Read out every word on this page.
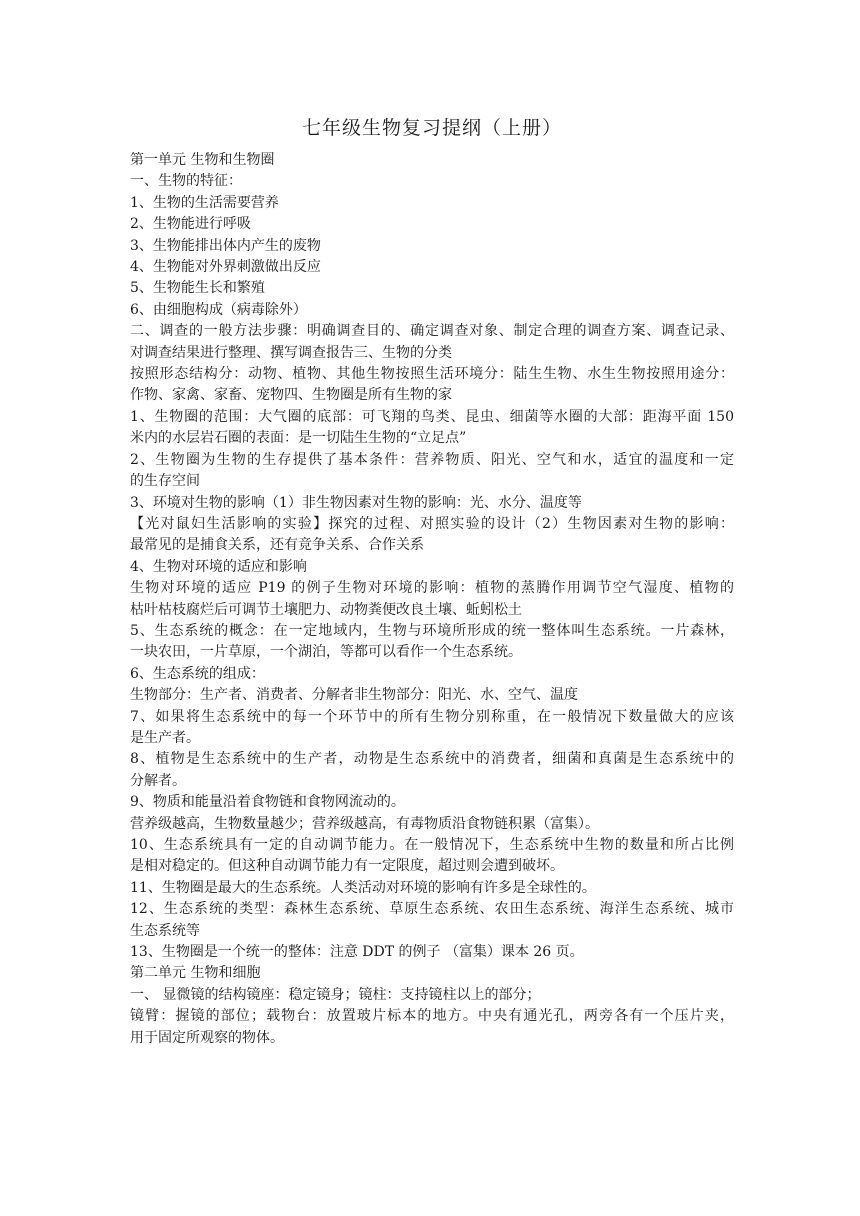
七年级生物复习提纲（上册）
第一单元 生物和生物圈
一、生物的特征：
1、生物的生活需要营养
2、生物能进行呼吸
3、生物能排出体内产生的废物
4、生物能对外界刺激做出反应
5、生物能生长和繁殖
6、由细胞构成（病毒除外）
二、调查的一般方法步骤：明确调查目的、确定调查对象、制定合理的调查方案、调查记录、
对调查结果进行整理、撰写调查报告三、生物的分类
按照形态结构分：动物、植物、其他生物按照生活环境分：陆生生物、水生生物按照用途分：
作物、家禽、家畜、宠物四、生物圈是所有生物的家
1、生物圈的范围：大气圈的底部：可飞翔的鸟类、昆虫、细菌等水圈的大部：距海平面 150
米内的水层岩石圈的表面：是一切陆生生物的“立足点”
2、生物圈为生物的生存提供了基本条件：营养物质、阳光、空气和水，适宜的温度和一定
的生存空间
3、环境对生物的影响（1）非生物因素对生物的影响：光、水分、温度等
【光对鼠妇生活影响的实验】探究的过程、对照实验的设计（2）生物因素对生物的影响：
最常见的是捕食关系，还有竞争关系、合作关系
4、生物对环境的适应和影响
生物对环境的适应 P19 的例子生物对环境的影响：植物的蒸腾作用调节空气湿度、植物的
枯叶枯枝腐烂后可调节土壤肥力、动物粪便改良土壤、蚯蚓松土
5、生态系统的概念：在一定地域内，生物与环境所形成的统一整体叫生态系统。一片森林，
一块农田，一片草原，一个湖泊，等都可以看作一个生态系统。
6、生态系统的组成：
生物部分：生产者、消费者、分解者非生物部分：阳光、水、空气、温度
7、如果将生态系统中的每一个环节中的所有生物分别称重，在一般情况下数量做大的应该
是生产者。
8、植物是生态系统中的生产者，动物是生态系统中的消费者，细菌和真菌是生态系统中的
分解者。
9、物质和能量沿着食物链和食物网流动的。
营养级越高，生物数量越少；营养级越高，有毒物质沿食物链积累（富集）。
10、生态系统具有一定的自动调节能力。在一般情况下，生态系统中生物的数量和所占比例
是相对稳定的。但这种自动调节能力有一定限度，超过则会遭到破坏。
11、生物圈是最大的生态系统。人类活动对环境的影响有许多是全球性的。
12、生态系统的类型：森林生态系统、草原生态系统、农田生态系统、海洋生态系统、城市
生态系统等
13、生物圈是一个统一的整体：注意 DDT 的例子 （富集）课本 26 页。
第二单元 生物和细胞
一、 显微镜的结构镜座：稳定镜身；镜柱：支持镜柱以上的部分；
镜臂：握镜的部位；载物台：放置玻片标本的地方。中央有通光孔，两旁各有一个压片夹，
用于固定所观察的物体。
